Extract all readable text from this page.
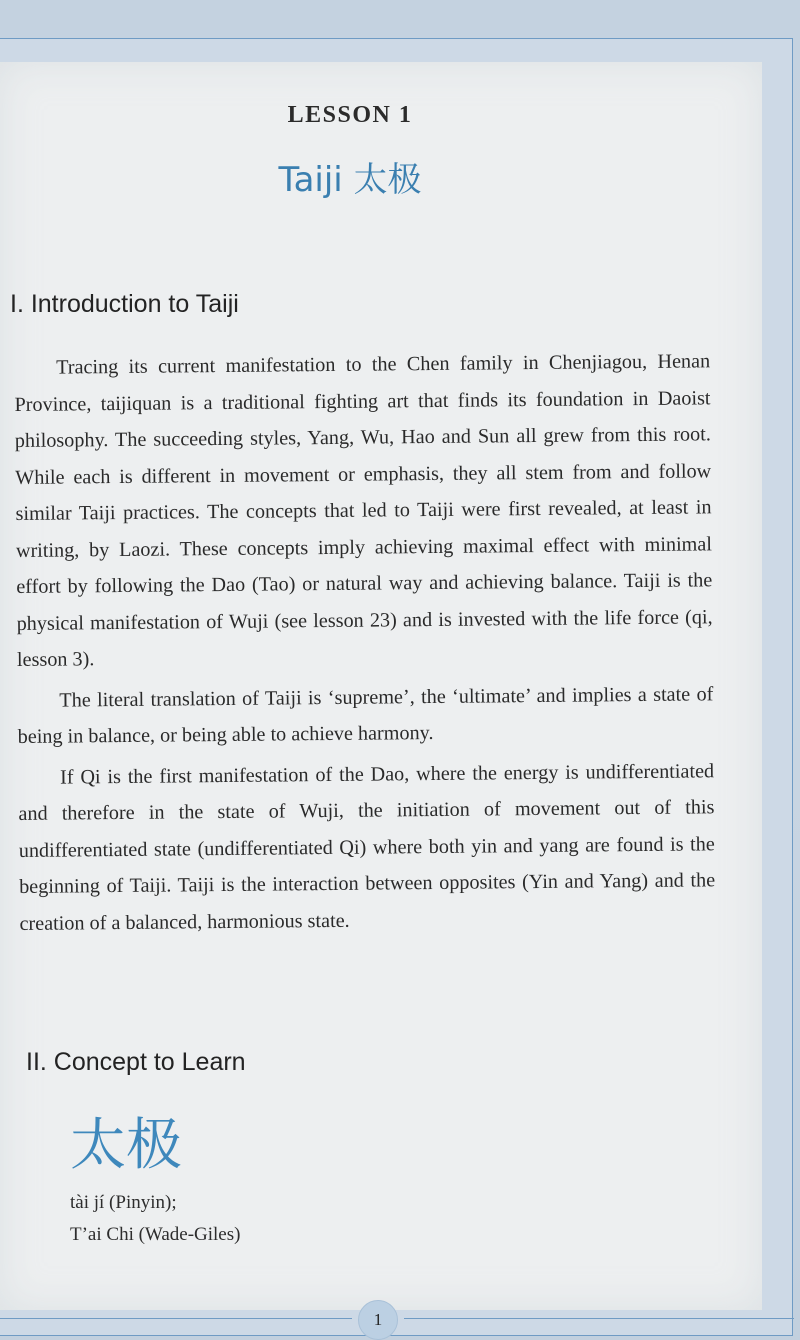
LESSON 1
Taiji 太极
I. Introduction to Taiji

Tracing its current manifestation to the Chen family in Chenjiagou, Henan Province, taijiquan is a traditional fighting art that finds its foundation in Daoist philosophy. The succeeding styles, Yang, Wu, Hao and Sun all grew from this root. While each is different in movement or emphasis, they all stem from and follow similar Taiji practices. The concepts that led to Taiji were first revealed, at least in writing, by Laozi. These concepts imply achieving maximal effect with minimal effort by following the Dao (Tao) or natural way and achieving balance. Taiji is the physical manifestation of Wuji (see lesson 23) and is invested with the life force (qi, lesson 3).

The literal translation of Taiji is ‘supreme’, the ‘ultimate’ and implies a state of being in balance, or being able to achieve harmony.

If Qi is the first manifestation of the Dao, where the energy is undifferentiated and therefore in the state of Wuji, the initiation of movement out of this undifferentiated state (undifferentiated Qi) where both yin and yang are found is the beginning of Taiji. Taiji is the interaction between opposites (Yin and Yang) and the creation of a balanced, harmonious state.

II. Concept to Learn
太极
tài jí (Pinyin);
T’ai Chi (Wade-Giles)
1
